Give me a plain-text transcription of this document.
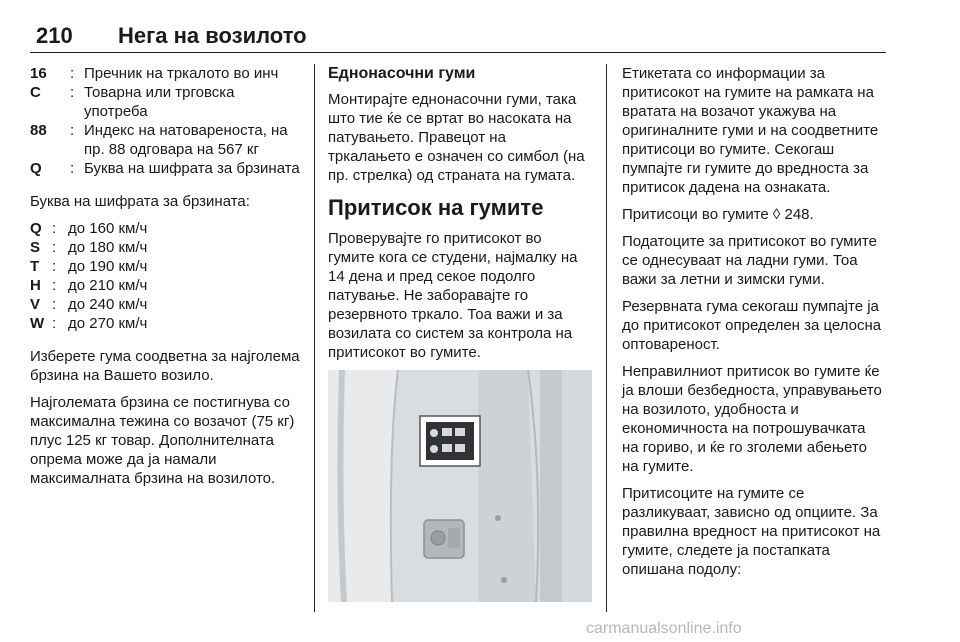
210 Нега на возилото
16	: Пречник на тркалото во инч
C	: Товарна или трговска употреба
88	: Индекс на натовареноста, на пр. 88 одговара на 567 кг
Q	: Буква на шифрата за брзината

Буква на шифрата за брзината:

Q : до 160 км/ч
S : до 180 км/ч
T : до 190 км/ч
H : до 210 км/ч
V : до 240 км/ч
W : до 270 км/ч

Изберете гума соодветна за најголема брзина на Вашето возило.

Најголемата брзина се постигнува со максимална тежина со возачот (75 кг) плус 125 кг товар. Дополнителната опрема може да ја намали максималната брзина на возилото.

Еднонасочни гуми

Монтирајте еднонасочни гуми, така што тие ќе се вртат во насоката на патувањето. Правецот на тркалањето е означен со симбол (на пр. стрелка) од страната на гумата.

Притисок на гумите

Проверувајте го притисокот во гумите кога се студени, најмалку на 14 дена и пред секое подолго патување. Не заборавајте го резервното тркало. Тоа важи и за возилата со систем за контрола на притисокот во гумите.

Етикетата со информации за притисокот на гумите на рамката на вратата на возачот укажува на оригиналните гуми и на соодветните притисоци во гумите. Секогаш пумпајте ги гумите до вредноста за притисок дадена на ознаката.

Притисоци во гумите ◊ 248.

Податоците за притисокот во гумите се однесуваат на ладни гуми. Тоа важи за летни и зимски гуми.

Резервната гума секогаш пумпајте ја до притисокот определен за целосна оптовареност.

Неправилниот притисок во гумите ќе ја влоши безбедноста, управувањето на возилото, удобноста и економичноста на потрошувачката на гориво, и ќе го зголеми абењето на гумите.

Притисоците на гумите се разликуваат, зависно од опциите. За правилна вредност на притисокот на гумите, следете ја постапката опишана подолу:

carmanualsonline.info
